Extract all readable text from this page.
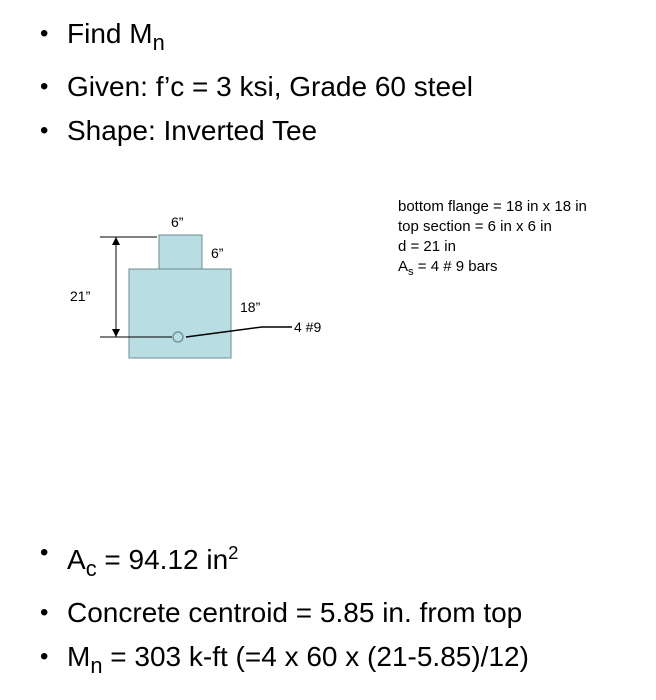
• Find $M_n$
• Given: f’c = 3 ksi, Grade 60 steel
• Shape: Inverted Tee
6”
6”
21”
18”
4 #9
bottom flange = 18 in x 18 in
top section = 6 in x 6 in
d = 21 in
$A_s = 4$ # 9 bars
• $A_c = 94.12$ $in^2$
• Concrete centroid = 5.85 in. from top
• $M_n = 303$ k-ft (=4 x 60 x (21-5.85)/12)
